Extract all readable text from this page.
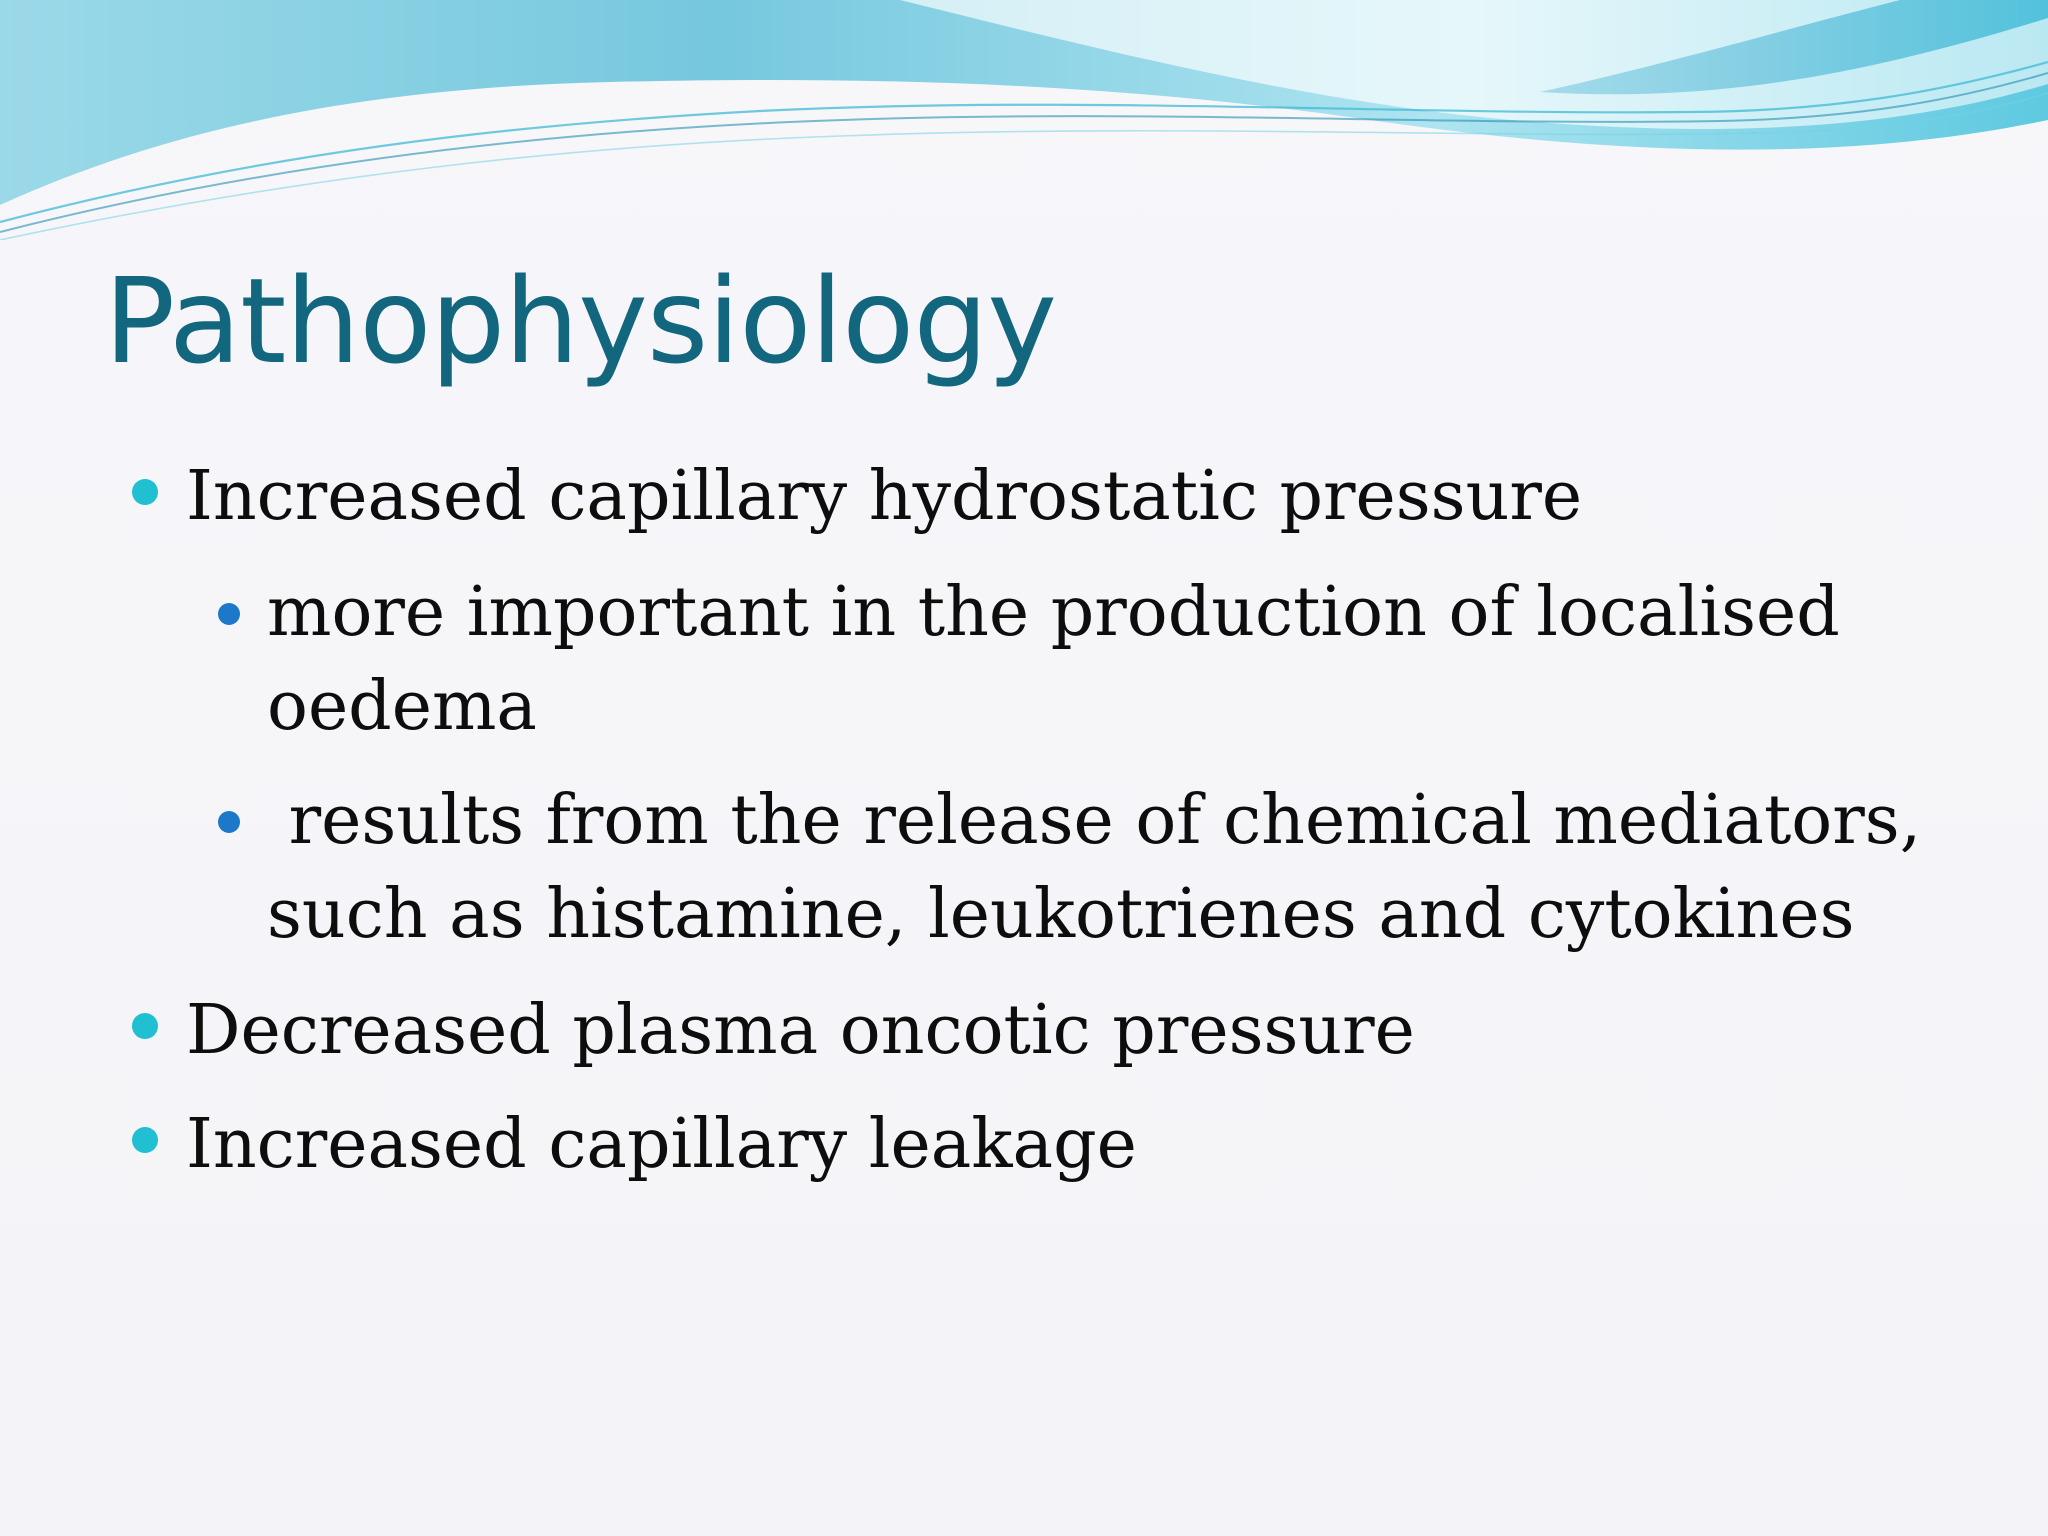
Pathophysiology
Increased capillary hydrostatic pressure
more important in the production of localised oedema
results from the release of chemical mediators, such as histamine, leukotrienes and cytokines
Decreased plasma oncotic pressure
Increased capillary leakage
